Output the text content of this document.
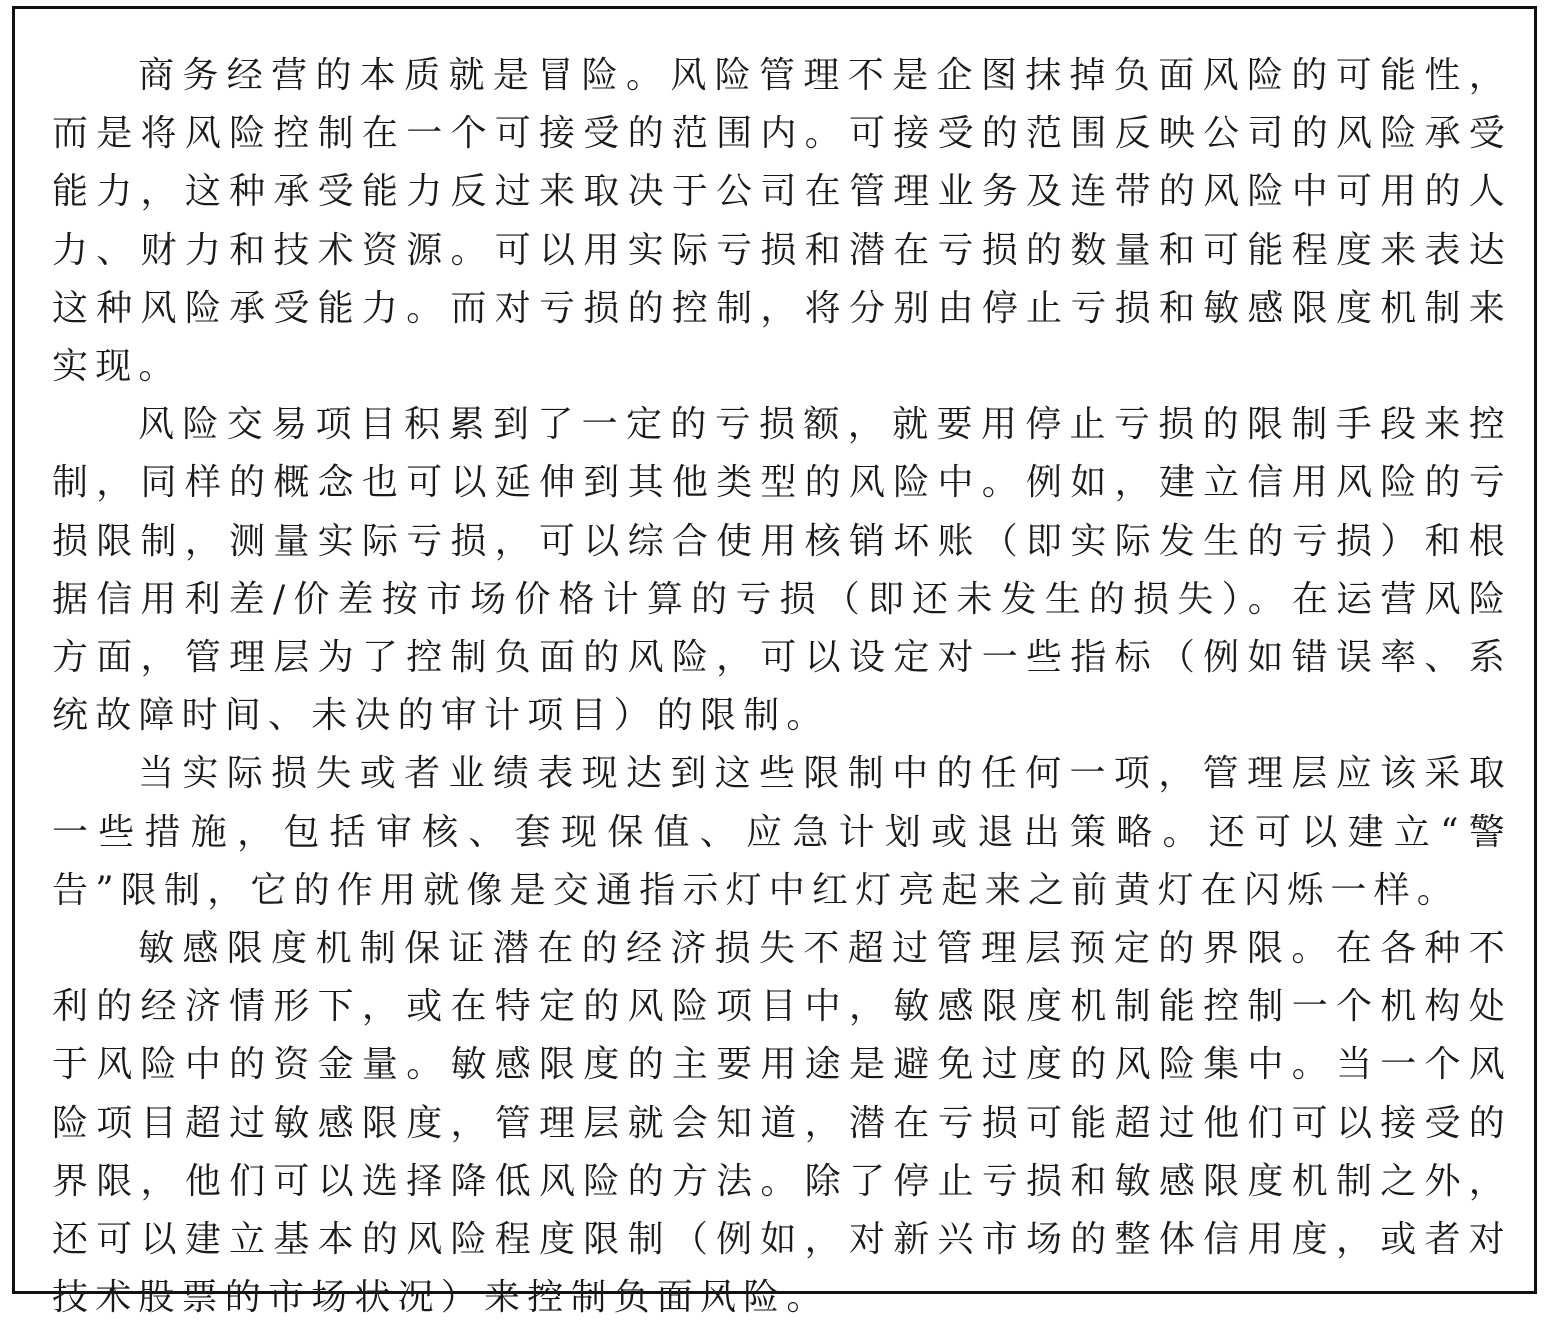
商务经营的本质就是冒险。风险管理不是企图抹掉负面风险的可能性，而是将风险控制在一个可接受的范围内。可接受的范围反映公司的风险承受能力，这种承受能力反过来取决于公司在管理业务及连带的风险中可用的人力、财力和技术资源。可以用实际亏损和潜在亏损的数量和可能程度来表达这种风险承受能力。而对亏损的控制，将分别由停止亏损和敏感限度机制来实现。

风险交易项目积累到了一定的亏损额，就要用停止亏损的限制手段来控制，同样的概念也可以延伸到其他类型的风险中。例如，建立信用风险的亏损限制，测量实际亏损，可以综合使用核销坏账（即实际发生的亏损）和根据信用利差/价差按市场价格计算的亏损（即还未发生的损失）。在运营风险方面，管理层为了控制负面的风险，可以设定对一些指标（例如错误率、系统故障时间、未决的审计项目）的限制。

当实际损失或者业绩表现达到这些限制中的任何一项，管理层应该采取一些措施，包括审核、套现保值、应急计划或退出策略。还可以建立“警告”限制，它的作用就像是交通指示灯中红灯亮起来之前黄灯在闪烁一样。

敏感限度机制保证潜在的经济损失不超过管理层预定的界限。在各种不利的经济情形下，或在特定的风险项目中，敏感限度机制能控制一个机构处于风险中的资金量。敏感限度的主要用途是避免过度的风险集中。当一个风险项目超过敏感限度，管理层就会知道，潜在亏损可能超过他们可以接受的界限，他们可以选择降低风险的方法。除了停止亏损和敏感限度机制之外，还可以建立基本的风险程度限制（例如，对新兴市场的整体信用度，或者对技术股票的市场状况）来控制负面风险。
